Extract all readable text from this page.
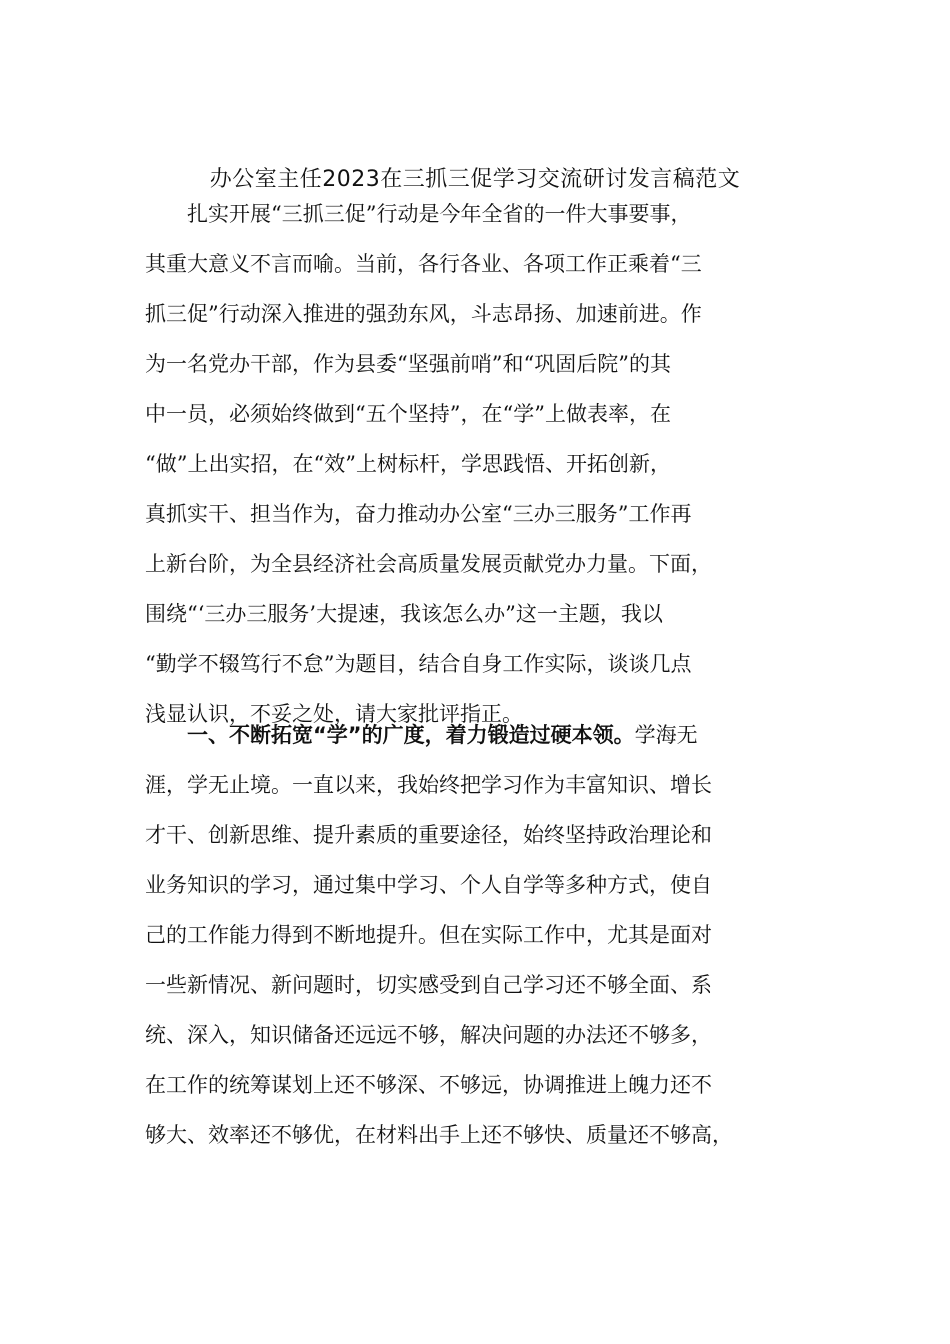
办公室主任2023在三抓三促学习交流研讨发言稿范文
扎实开展“三抓三促”行动是今年全省的一件大事要事，
其重大意义不言而喻。当前，各行各业、各项工作正乘着“三
抓三促”行动深入推进的强劲东风，斗志昂扬、加速前进。作
为一名党办干部，作为县委“坚强前哨”和“巩固后院”的其
中一员，必须始终做到“五个坚持”，在“学”上做表率，在
“做”上出实招，在“效”上树标杆，学思践悟、开拓创新，
真抓实干、担当作为，奋力推动办公室“三办三服务”工作再
上新台阶，为全县经济社会高质量发展贡献党办力量。下面，
围绕“‘三办三服务’大提速，我该怎么办”这一主题，我以
“勤学不辍笃行不怠”为题目，结合自身工作实际，谈谈几点
浅显认识，不妥之处，请大家批评指正。
一、不断拓宽“学”的广度，着力锻造过硬本领。学海无
涯，学无止境。一直以来，我始终把学习作为丰富知识、增长
才干、创新思维、提升素质的重要途径，始终坚持政治理论和
业务知识的学习，通过集中学习、个人自学等多种方式，使自
己的工作能力得到不断地提升。但在实际工作中，尤其是面对
一些新情况、新问题时，切实感受到自己学习还不够全面、系
统、深入，知识储备还远远不够，解决问题的办法还不够多，
在工作的统筹谋划上还不够深、不够远，协调推进上魄力还不
够大、效率还不够优，在材料出手上还不够快、质量还不够高，
